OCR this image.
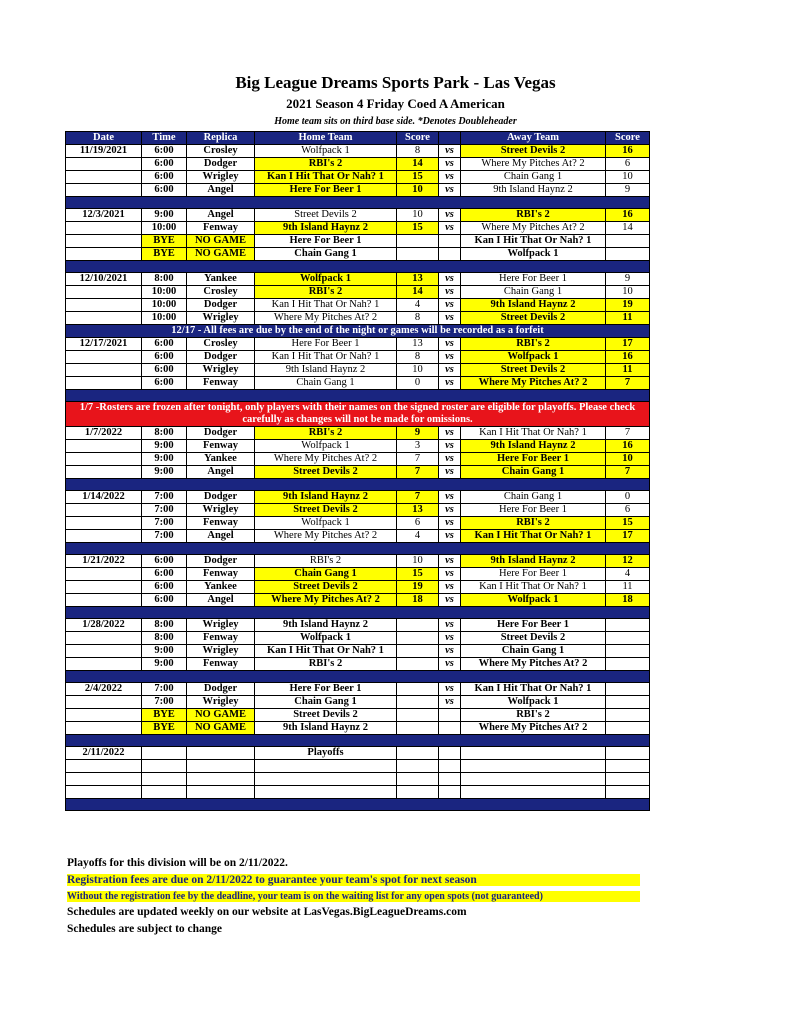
Big League Dreams Sports Park - Las Vegas
2021 Season 4 Friday Coed A American
Home team sits on third base side. *Denotes Doubleheader
Date	Time	Replica	Home Team	Score		Away Team	Score
11/19/2021	6:00	Crosley	Wolfpack 1	8	vs	Street Devils 2	16
	6:00	Dodger	RBI's 2	14	vs	Where My Pitches At? 2	6
	6:00	Wrigley	Kan I Hit That Or Nah? 1	15	vs	Chain Gang 1	10
	6:00	Angel	Here For Beer 1	10	vs	9th Island Haynz 2	9

12/3/2021	9:00	Angel	Street Devils 2	10	vs	RBI's 2	16
	10:00	Fenway	9th Island Haynz 2	15	vs	Where My Pitches At? 2	14
	BYE	NO GAME	Here For Beer 1			Kan I Hit That Or Nah? 1	
	BYE	NO GAME	Chain Gang 1			Wolfpack 1	

12/10/2021	8:00	Yankee	Wolfpack 1	13	vs	Here For Beer 1	9
	10:00	Crosley	RBI's 2	14	vs	Chain Gang 1	10
	10:00	Dodger	Kan I Hit That Or Nah? 1	4	vs	9th Island Haynz 2	19
	10:00	Wrigley	Where My Pitches At? 2	8	vs	Street Devils 2	11
12/17 - All fees are due by the end of the night or games will be recorded as a forfeit							
12/17/2021	6:00	Crosley	Here For Beer 1	13	vs	RBI's 2	17
	6:00	Dodger	Kan I Hit That Or Nah? 1	8	vs	Wolfpack 1	16
	6:00	Wrigley	9th Island Haynz 2	10	vs	Street Devils 2	11
	6:00	Fenway	Chain Gang 1	0	vs	Where My Pitches At? 2	7

1/7 -Rosters are frozen after tonight, only players with their names on the signed roster are eligible for playoffs. Please check carefully as changes will not be made for omissions.							
1/7/2022	8:00	Dodger	RBI's 2	9	vs	Kan I Hit That Or Nah? 1	7
	9:00	Fenway	Wolfpack 1	3	vs	9th Island Haynz 2	16
	9:00	Yankee	Where My Pitches At? 2	7	vs	Here For Beer 1	10
	9:00	Angel	Street Devils 2	7	vs	Chain Gang 1	7

1/14/2022	7:00	Dodger	9th Island Haynz 2	7	vs	Chain Gang 1	0
	7:00	Wrigley	Street Devils 2	13	vs	Here For Beer 1	6
	7:00	Fenway	Wolfpack 1	6	vs	RBI's 2	15
	7:00	Angel	Where My Pitches At? 2	4	vs	Kan I Hit That Or Nah? 1	17

1/21/2022	6:00	Dodger	RBI's 2	10	vs	9th Island Haynz 2	12
	6:00	Fenway	Chain Gang 1	15	vs	Here For Beer 1	4
	6:00	Yankee	Street Devils 2	19	vs	Kan I Hit That Or Nah? 1	11
	6:00	Angel	Where My Pitches At? 2	18	vs	Wolfpack 1	18

1/28/2022	8:00	Wrigley	9th Island Haynz 2		vs	Here For Beer 1	
	8:00	Fenway	Wolfpack 1		vs	Street Devils 2	
	9:00	Wrigley	Kan I Hit That Or Nah? 1		vs	Chain Gang 1	
	9:00	Fenway	RBI's 2		vs	Where My Pitches At? 2	

2/4/2022	7:00	Dodger	Here For Beer 1		vs	Kan I Hit That Or Nah? 1	
	7:00	Wrigley	Chain Gang 1		vs	Wolfpack 1	
	BYE	NO GAME	Street Devils 2			RBI's 2	
	BYE	NO GAME	9th Island Haynz 2			Where My Pitches At? 2	

2/11/2022			Playoffs				

Playoffs for this division will be on 2/11/2022.
Registration fees are due on 2/11/2022 to guarantee your team's spot for next season
Without the registration fee by the deadline, your team is on the waiting list for any open spots (not guaranteed)
Schedules are updated weekly on our website at LasVegas.BigLeagueDreams.com
Schedules are subject to change
